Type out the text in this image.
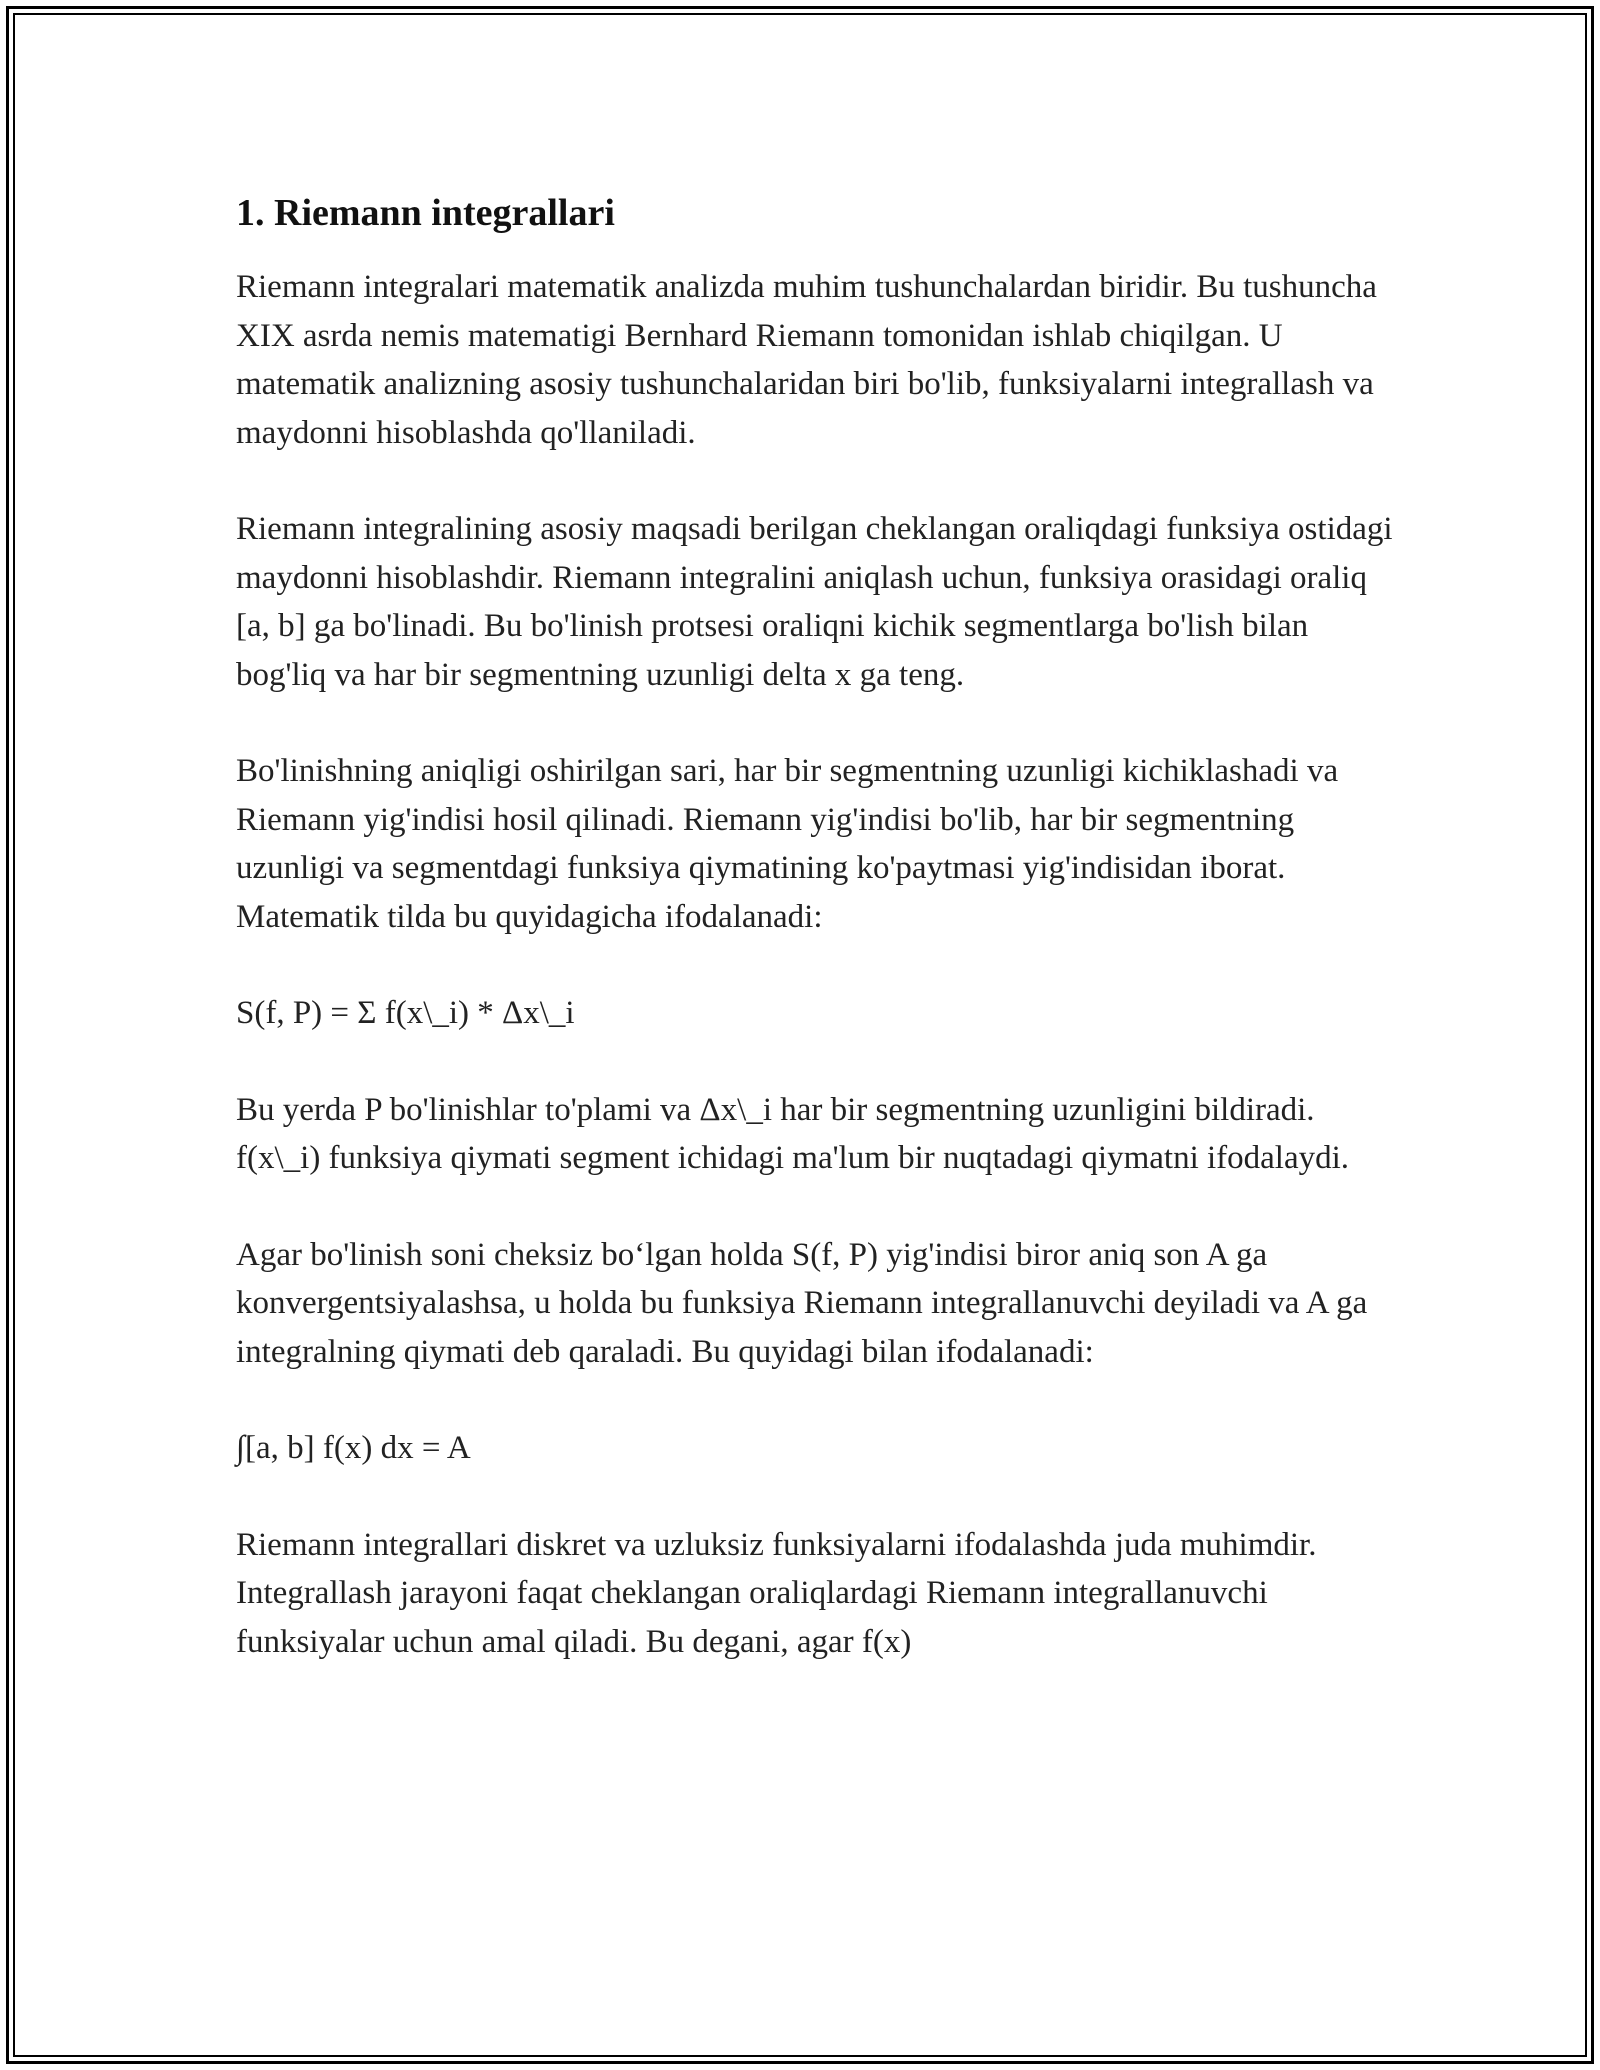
1. Riemann integrallari

Riemann integralari matematik analizda muhim tushunchalardan biridir. Bu tushuncha XIX asrda nemis matematigi Bernhard Riemann tomonidan ishlab chiqilgan. U matematik analizning asosiy tushunchalaridan biri bo'lib, funksiyalarni integrallash va maydonni hisoblashda qo'llaniladi.

Riemann integralining asosiy maqsadi berilgan cheklangan oraliqdagi funksiya ostidagi maydonni hisoblashdir. Riemann integralini aniqlash uchun, funksiya orasidagi oraliq [a, b] ga bo'linadi. Bu bo'linish protsesi oraliqni kichik segmentlarga bo'lish bilan bog'liq va har bir segmentning uzunligi delta x ga teng.

Bo'linishning aniqligi oshirilgan sari, har bir segmentning uzunligi kichiklashadi va Riemann yig'indisi hosil qilinadi. Riemann yig'indisi bo'lib, har bir segmentning uzunligi va segmentdagi funksiya qiymatining ko'paytmasi yig'indisidan iborat. Matematik tilda bu quyidagicha ifodalanadi:

S(f, P) = Σ f(x\_i) * Δx\_i

Bu yerda P bo'linishlar to'plami va Δx\_i har bir segmentning uzunligini bildiradi. f(x\_i) funksiya qiymati segment ichidagi ma'lum bir nuqtadagi qiymatni ifodalaydi.

Agar bo'linish soni cheksiz bo‘lgan holda S(f, P) yig'indisi biror aniq son A ga konvergentsiyalashsa, u holda bu funksiya Riemann integrallanuvchi deyiladi va A ga integralning qiymati deb qaraladi. Bu quyidagi bilan ifodalanadi:

∫[a, b] f(x) dx = A

Riemann integrallari diskret va uzluksiz funksiyalarni ifodalashda juda muhimdir. Integrallash jarayoni faqat cheklangan oraliqlardagi Riemann integrallanuvchi funksiyalar uchun amal qiladi. Bu degani, agar f(x)
